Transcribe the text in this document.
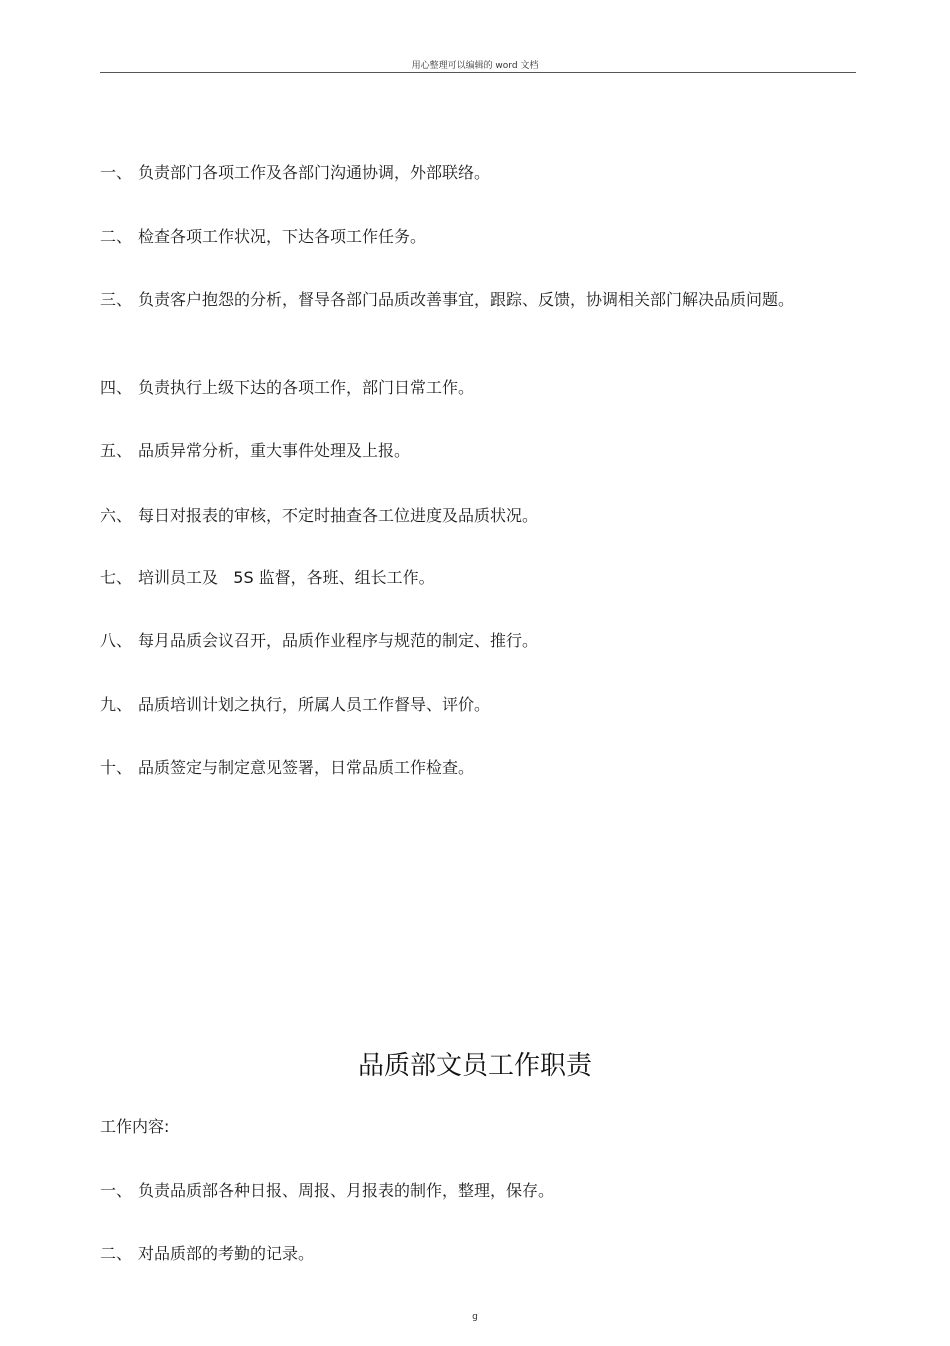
用心整理可以编辑的 word 文档
一、 负责部门各项工作及各部门沟通协调，外部联络。
二、 检查各项工作状况，下达各项工作任务。
三、 负责客户抱怨的分析，督导各部门品质改善事宜，跟踪、反馈，协调相关部门解决品质问题。
四、 负责执行上级下达的各项工作，部门日常工作。
五、 品质异常分析，重大事件处理及上报。
六、 每日对报表的审核，不定时抽查各工位进度及品质状况。
七、 培训员工及   5S 监督，各班、组长工作。
八、 每月品质会议召开，品质作业程序与规范的制定、推行。
九、 品质培训计划之执行，所属人员工作督导、评价。
十、 品质签定与制定意见签署，日常品质工作检查。
品质部文员工作职责
工作内容:
一、 负责品质部各种日报、周报、月报表的制作，整理，保存。
二、 对品质部的考勤的记录。
g
